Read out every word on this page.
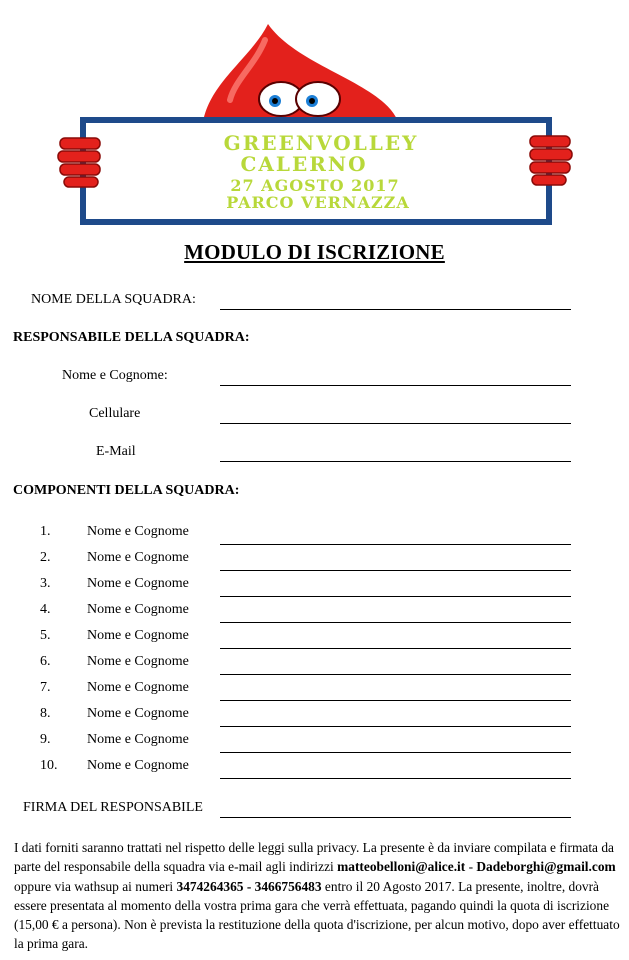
GREENVOLLEY
CALERNO
27 AGOSTO 2017
PARCO VERNAZZA
MODULO DI ISCRIZIONE
NOME DELLA SQUADRA:
RESPONSABILE DELLA SQUADRA:
Nome e Cognome:
Cellulare
E-Mail
COMPONENTI DELLA SQUADRA:
1.	Nome e Cognome
2.	Nome e Cognome
3.	Nome e Cognome
4.	Nome e Cognome
5.	Nome e Cognome
6.	Nome e Cognome
7.	Nome e Cognome
8.	Nome e Cognome
9.	Nome e Cognome
10. Nome e Cognome
FIRMA DEL RESPONSABILE
I dati forniti saranno trattati nel rispetto delle leggi sulla privacy. La presente è da inviare compilata e firmata da parte del responsabile della squadra via e-mail agli indirizzi matteobelloni@alice.it - Dadeborghi@gmail.com oppure via wathsup ai numeri 3474264365 - 3466756483 entro il 20 Agosto 2017. La presente, inoltre, dovrà essere presentata al momento della vostra prima gara che verrà effettuata, pagando quindi la quota di iscrizione (15,00 € a persona). Non è prevista la restituzione della quota d'iscrizione, per alcun motivo, dopo aver effettuato la prima gara.
